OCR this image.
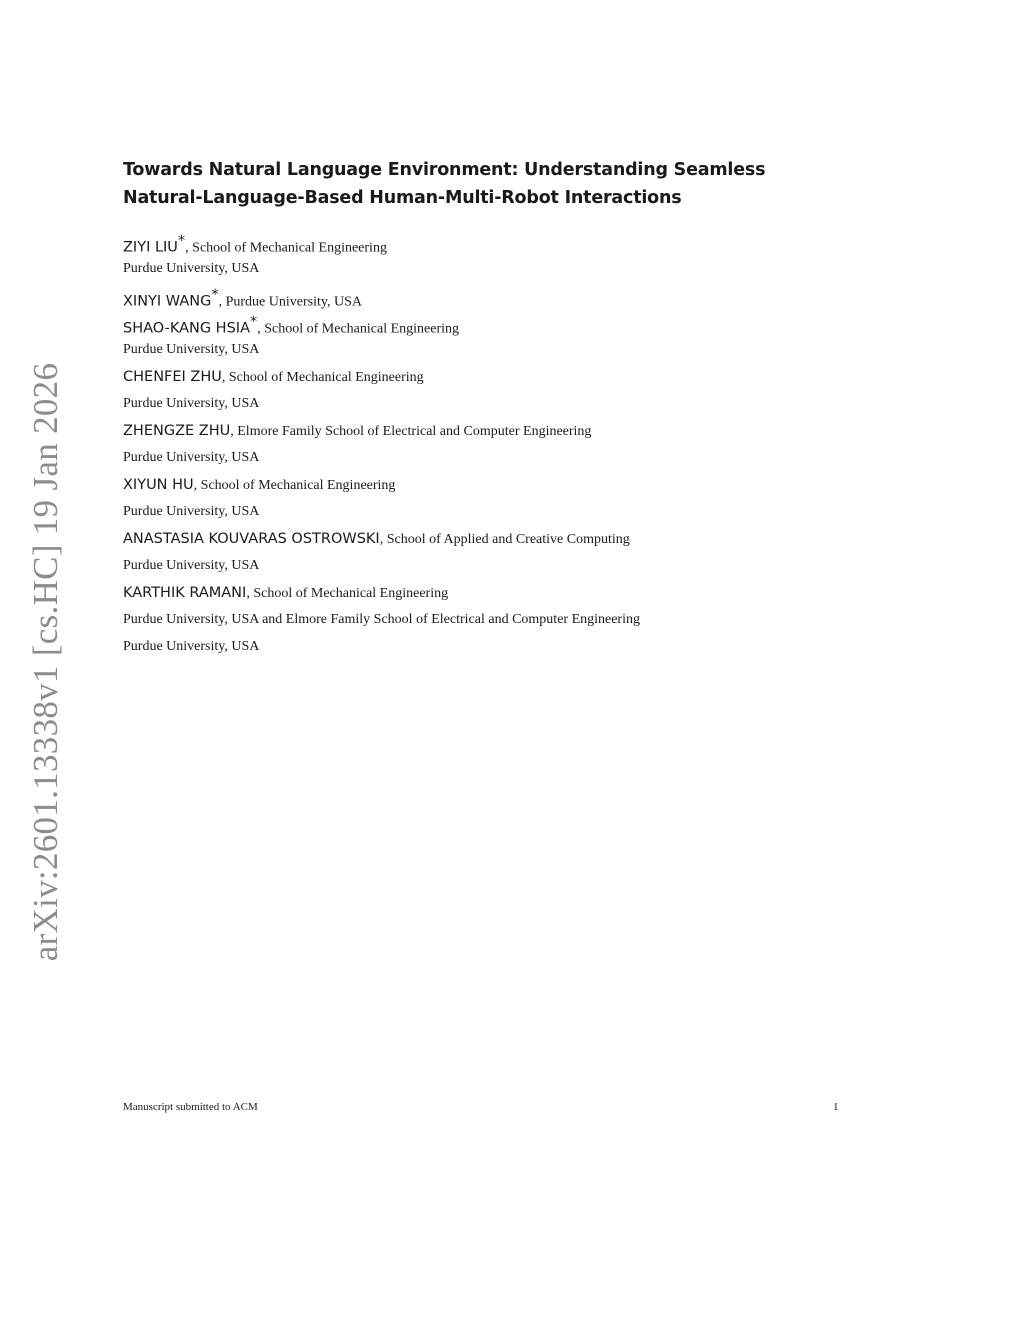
arXiv:2601.13338v1 [cs.HC] 19 Jan 2026
Towards Natural Language Environment: Understanding Seamless
Natural-Language-Based Human-Multi-Robot Interactions
ZIYI LIU*, School of Mechanical Engineering
Purdue University, USA
XINYI WANG*, Purdue University, USA
SHAO-KANG HSIA*, School of Mechanical Engineering
Purdue University, USA
CHENFEI ZHU, School of Mechanical Engineering
Purdue University, USA
ZHENGZE ZHU, Elmore Family School of Electrical and Computer Engineering
Purdue University, USA
XIYUN HU, School of Mechanical Engineering
Purdue University, USA
ANASTASIA KOUVARAS OSTROWSKI, School of Applied and Creative Computing
Purdue University, USA
KARTHIK RAMANI, School of Mechanical Engineering
Purdue University, USA and Elmore Family School of Electrical and Computer Engineering
Purdue University, USA
Manuscript submitted to ACM	1
